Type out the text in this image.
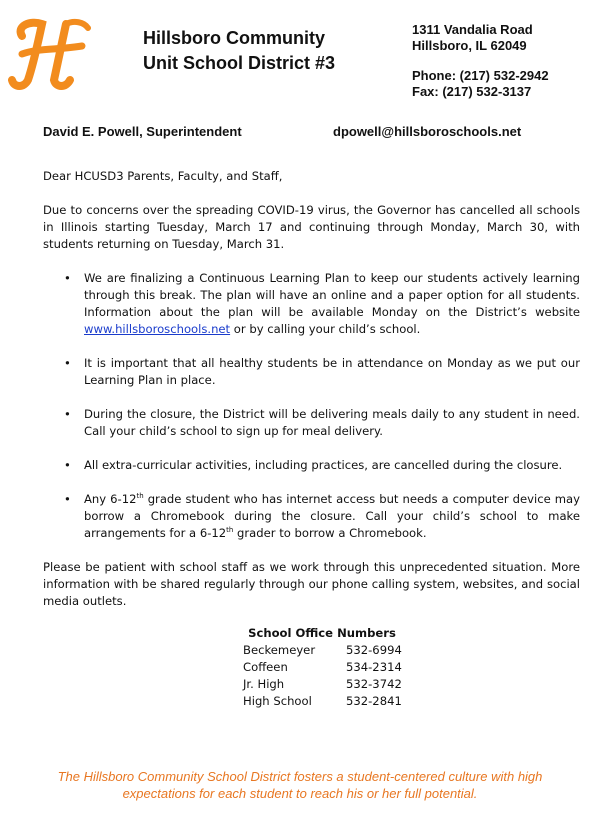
Hillsboro Community
Unit School District #3
1311 Vandalia Road
Hillsboro, IL 62049
Phone: (217) 532-2942
Fax: (217) 532-3137
David E. Powell, Superintendent	dpowell@hillsboroschools.net

Dear HCUSD3 Parents, Faculty, and Staff,

Due to concerns over the spreading COVID-19 virus, the Governor has cancelled all schools in Illinois starting Tuesday, March 17 and continuing through Monday, March 30, with students returning on Tuesday, March 31.

• We are finalizing a Continuous Learning Plan to keep our students actively learning through this break. The plan will have an online and a paper option for all students. Information about the plan will be available Monday on the District’s website www.hillsboroschools.net or by calling your child’s school.
• It is important that all healthy students be in attendance on Monday as we put our Learning Plan in place.
• During the closure, the District will be delivering meals daily to any student in need. Call your child’s school to sign up for meal delivery.
• All extra-curricular activities, including practices, are cancelled during the closure.
• Any 6-12th grade student who has internet access but needs a computer device may borrow a Chromebook during the closure. Call your child’s school to make arrangements for a 6-12th grader to borrow a Chromebook.

Please be patient with school staff as we work through this unprecedented situation. More information with be shared regularly through our phone calling system, websites, and social media outlets.

School Office Numbers
Beckemeyer	532-6994
Coffeen	534-2314
Jr. High	532-3742
High School	532-2841
The Hillsboro Community School District fosters a student-centered culture with high
expectations for each student to reach his or her full potential.
